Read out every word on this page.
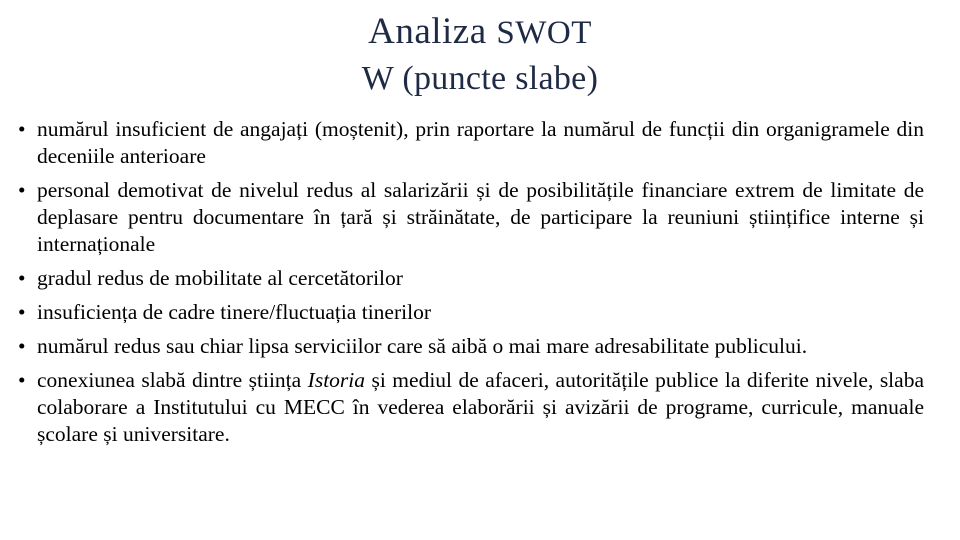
Analiza SWOT
W (puncte slabe)
• numărul insuficient de angajați (moștenit), prin raportare la numărul de funcții din organigramele din deceniile anterioare
• personal demotivat de nivelul redus al salarizării și de posibilitățile financiare extrem de limitate de deplasare pentru documentare în țară și străinătate, de participare la reuniuni științifice interne și internaționale
• gradul redus de mobilitate al cercetătorilor
• insuficiența de cadre tinere/fluctuația tinerilor
• numărul redus sau chiar lipsa serviciilor care să aibă o mai mare adresabilitate publicului.
• conexiunea slabă dintre știința Istoria și mediul de afaceri, autoritățile publice la diferite nivele, slaba colaborare a Institutului cu MECC în vederea elaborării și avizării de programe, curricule, manuale școlare și universitare.
